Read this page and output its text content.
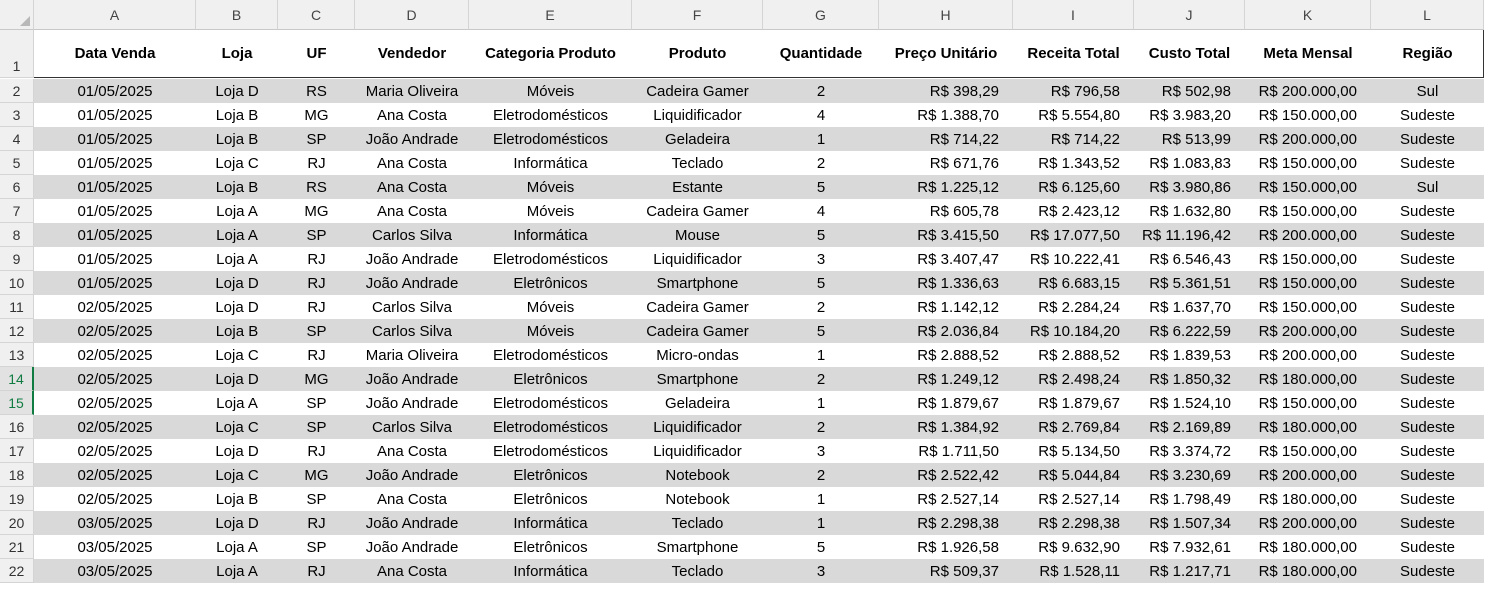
A	B	C	D	E	F	G	H	I	J	K	L
1
Data Venda	Loja	UF	Vendedor	Categoria Produto	Produto	Quantidade	Preço Unitário	Receita Total	Custo Total	Meta Mensal	Região
2	01/05/2025	Loja D	RS	Maria Oliveira	Móveis	Cadeira Gamer	2	R$ 398,29	R$ 796,58	R$ 502,98	R$ 200.000,00	Sul
3	01/05/2025	Loja B	MG	Ana Costa	Eletrodomésticos	Liquidificador	4	R$ 1.388,70	R$ 5.554,80	R$ 3.983,20	R$ 150.000,00	Sudeste
4	01/05/2025	Loja B	SP	João Andrade	Eletrodomésticos	Geladeira	1	R$ 714,22	R$ 714,22	R$ 513,99	R$ 200.000,00	Sudeste
5	01/05/2025	Loja C	RJ	Ana Costa	Informática	Teclado	2	R$ 671,76	R$ 1.343,52	R$ 1.083,83	R$ 150.000,00	Sudeste
6	01/05/2025	Loja B	RS	Ana Costa	Móveis	Estante	5	R$ 1.225,12	R$ 6.125,60	R$ 3.980,86	R$ 150.000,00	Sul
7	01/05/2025	Loja A	MG	Ana Costa	Móveis	Cadeira Gamer	4	R$ 605,78	R$ 2.423,12	R$ 1.632,80	R$ 150.000,00	Sudeste
8	01/05/2025	Loja A	SP	Carlos Silva	Informática	Mouse	5	R$ 3.415,50	R$ 17.077,50	R$ 11.196,42	R$ 200.000,00	Sudeste
9	01/05/2025	Loja A	RJ	João Andrade	Eletrodomésticos	Liquidificador	3	R$ 3.407,47	R$ 10.222,41	R$ 6.546,43	R$ 150.000,00	Sudeste
10	01/05/2025	Loja D	RJ	João Andrade	Eletrônicos	Smartphone	5	R$ 1.336,63	R$ 6.683,15	R$ 5.361,51	R$ 150.000,00	Sudeste
11	02/05/2025	Loja D	RJ	Carlos Silva	Móveis	Cadeira Gamer	2	R$ 1.142,12	R$ 2.284,24	R$ 1.637,70	R$ 150.000,00	Sudeste
12	02/05/2025	Loja B	SP	Carlos Silva	Móveis	Cadeira Gamer	5	R$ 2.036,84	R$ 10.184,20	R$ 6.222,59	R$ 200.000,00	Sudeste
13	02/05/2025	Loja C	RJ	Maria Oliveira	Eletrodomésticos	Micro-ondas	1	R$ 2.888,52	R$ 2.888,52	R$ 1.839,53	R$ 200.000,00	Sudeste
14	02/05/2025	Loja D	MG	João Andrade	Eletrônicos	Smartphone	2	R$ 1.249,12	R$ 2.498,24	R$ 1.850,32	R$ 180.000,00	Sudeste
15	02/05/2025	Loja A	SP	João Andrade	Eletrodomésticos	Geladeira	1	R$ 1.879,67	R$ 1.879,67	R$ 1.524,10	R$ 150.000,00	Sudeste
16	02/05/2025	Loja C	SP	Carlos Silva	Eletrodomésticos	Liquidificador	2	R$ 1.384,92	R$ 2.769,84	R$ 2.169,89	R$ 180.000,00	Sudeste
17	02/05/2025	Loja D	RJ	Ana Costa	Eletrodomésticos	Liquidificador	3	R$ 1.711,50	R$ 5.134,50	R$ 3.374,72	R$ 150.000,00	Sudeste
18	02/05/2025	Loja C	MG	João Andrade	Eletrônicos	Notebook	2	R$ 2.522,42	R$ 5.044,84	R$ 3.230,69	R$ 200.000,00	Sudeste
19	02/05/2025	Loja B	SP	Ana Costa	Eletrônicos	Notebook	1	R$ 2.527,14	R$ 2.527,14	R$ 1.798,49	R$ 180.000,00	Sudeste
20	03/05/2025	Loja D	RJ	João Andrade	Informática	Teclado	1	R$ 2.298,38	R$ 2.298,38	R$ 1.507,34	R$ 200.000,00	Sudeste
21	03/05/2025	Loja A	SP	João Andrade	Eletrônicos	Smartphone	5	R$ 1.926,58	R$ 9.632,90	R$ 7.932,61	R$ 180.000,00	Sudeste
22	03/05/2025	Loja A	RJ	Ana Costa	Informática	Teclado	3	R$ 509,37	R$ 1.528,11	R$ 1.217,71	R$ 180.000,00	Sudeste
